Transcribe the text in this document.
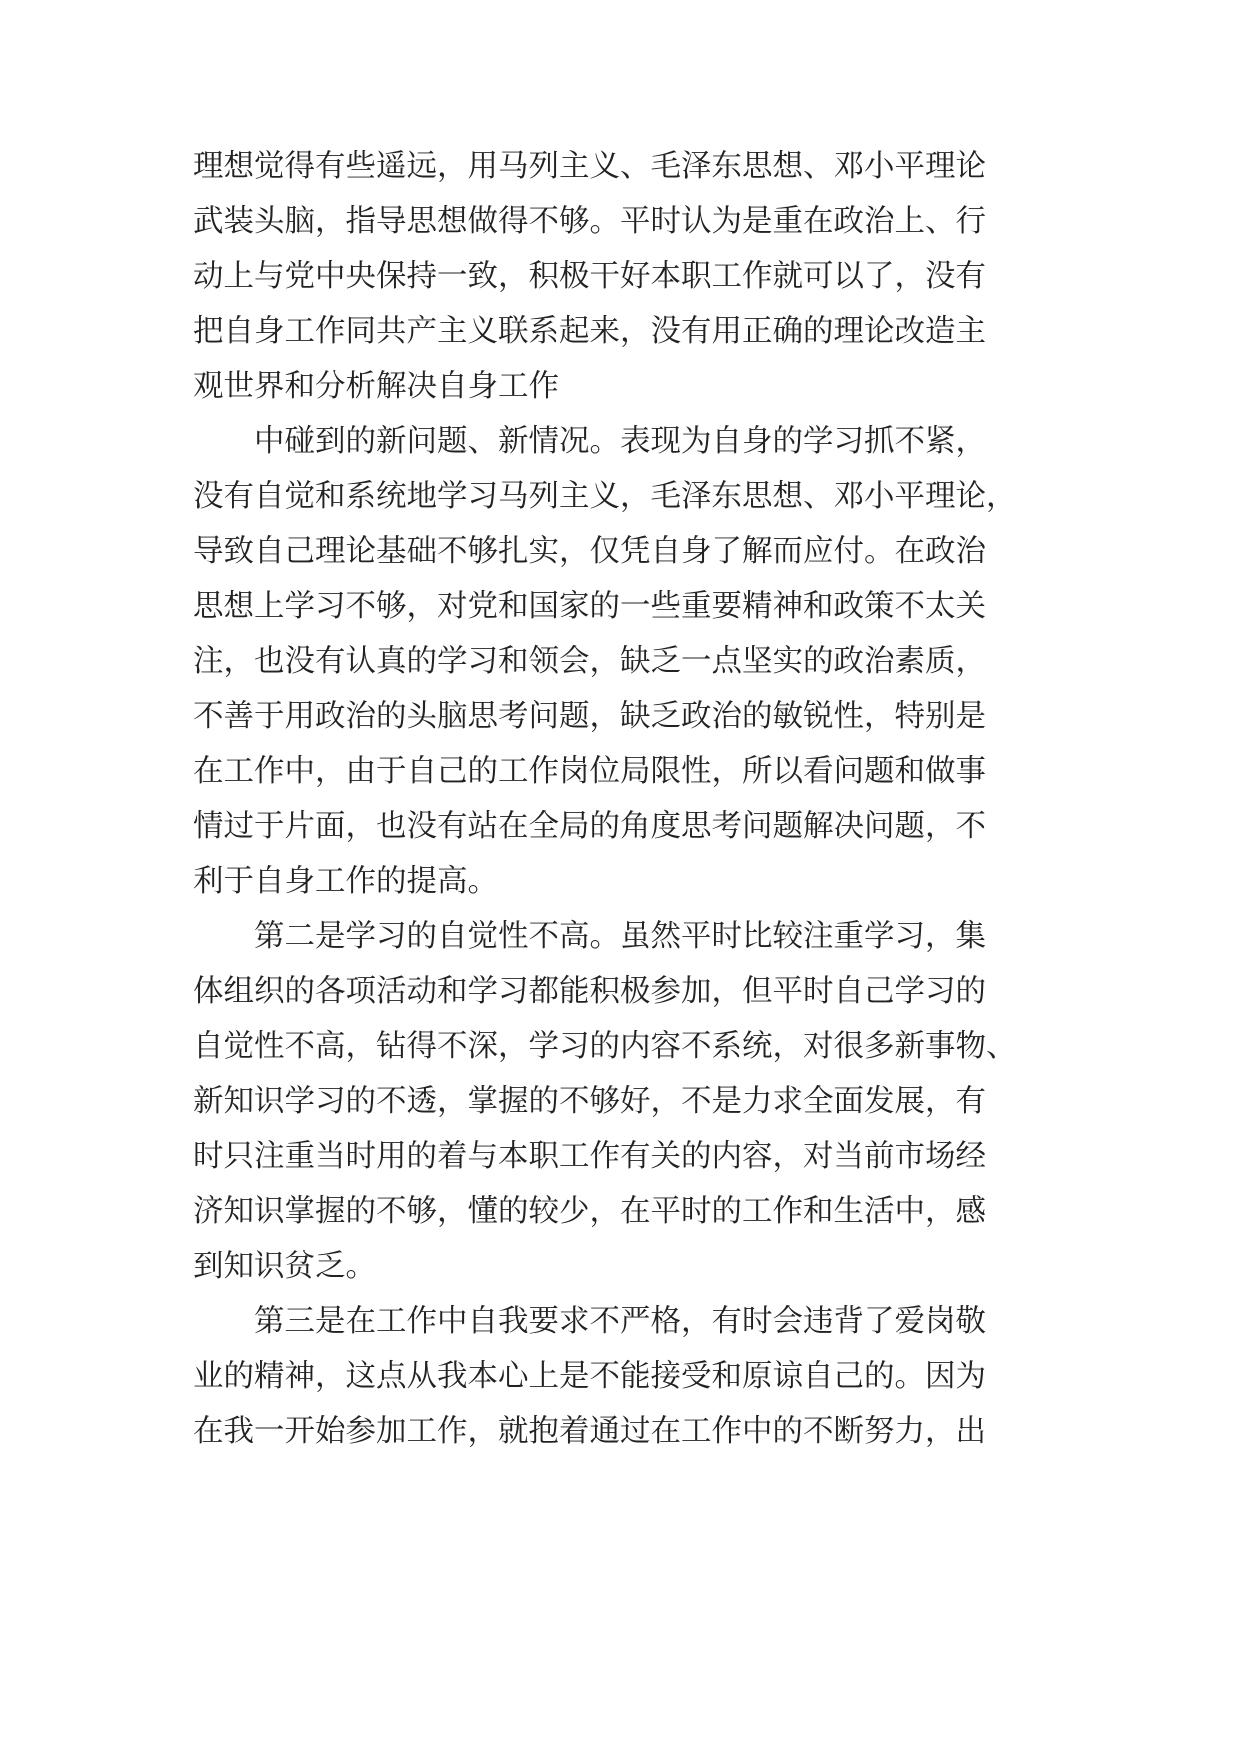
理想觉得有些遥远，用马列主义、毛泽东思想、邓小平理论
武装头脑，指导思想做得不够。平时认为是重在政治上、行
动上与党中央保持一致，积极干好本职工作就可以了，没有
把自身工作同共产主义联系起来，没有用正确的理论改造主
观世界和分析解决自身工作
中碰到的新问题、新情况。表现为自身的学习抓不紧，
没有自觉和系统地学习马列主义，毛泽东思想、邓小平理论，
导致自己理论基础不够扎实，仅凭自身了解而应付。在政治
思想上学习不够，对党和国家的一些重要精神和政策不太关
注，也没有认真的学习和领会，缺乏一点坚实的政治素质，
不善于用政治的头脑思考问题，缺乏政治的敏锐性，特别是
在工作中，由于自己的工作岗位局限性，所以看问题和做事
情过于片面，也没有站在全局的角度思考问题解决问题，不
利于自身工作的提高。
第二是学习的自觉性不高。虽然平时比较注重学习，集
体组织的各项活动和学习都能积极参加，但平时自己学习的
自觉性不高，钻得不深，学习的内容不系统，对很多新事物、
新知识学习的不透，掌握的不够好，不是力求全面发展，有
时只注重当时用的着与本职工作有关的内容，对当前市场经
济知识掌握的不够，懂的较少，在平时的工作和生活中，感
到知识贫乏。
第三是在工作中自我要求不严格，有时会违背了爱岗敬
业的精神，这点从我本心上是不能接受和原谅自己的。因为
在我一开始参加工作，就抱着通过在工作中的不断努力，出
